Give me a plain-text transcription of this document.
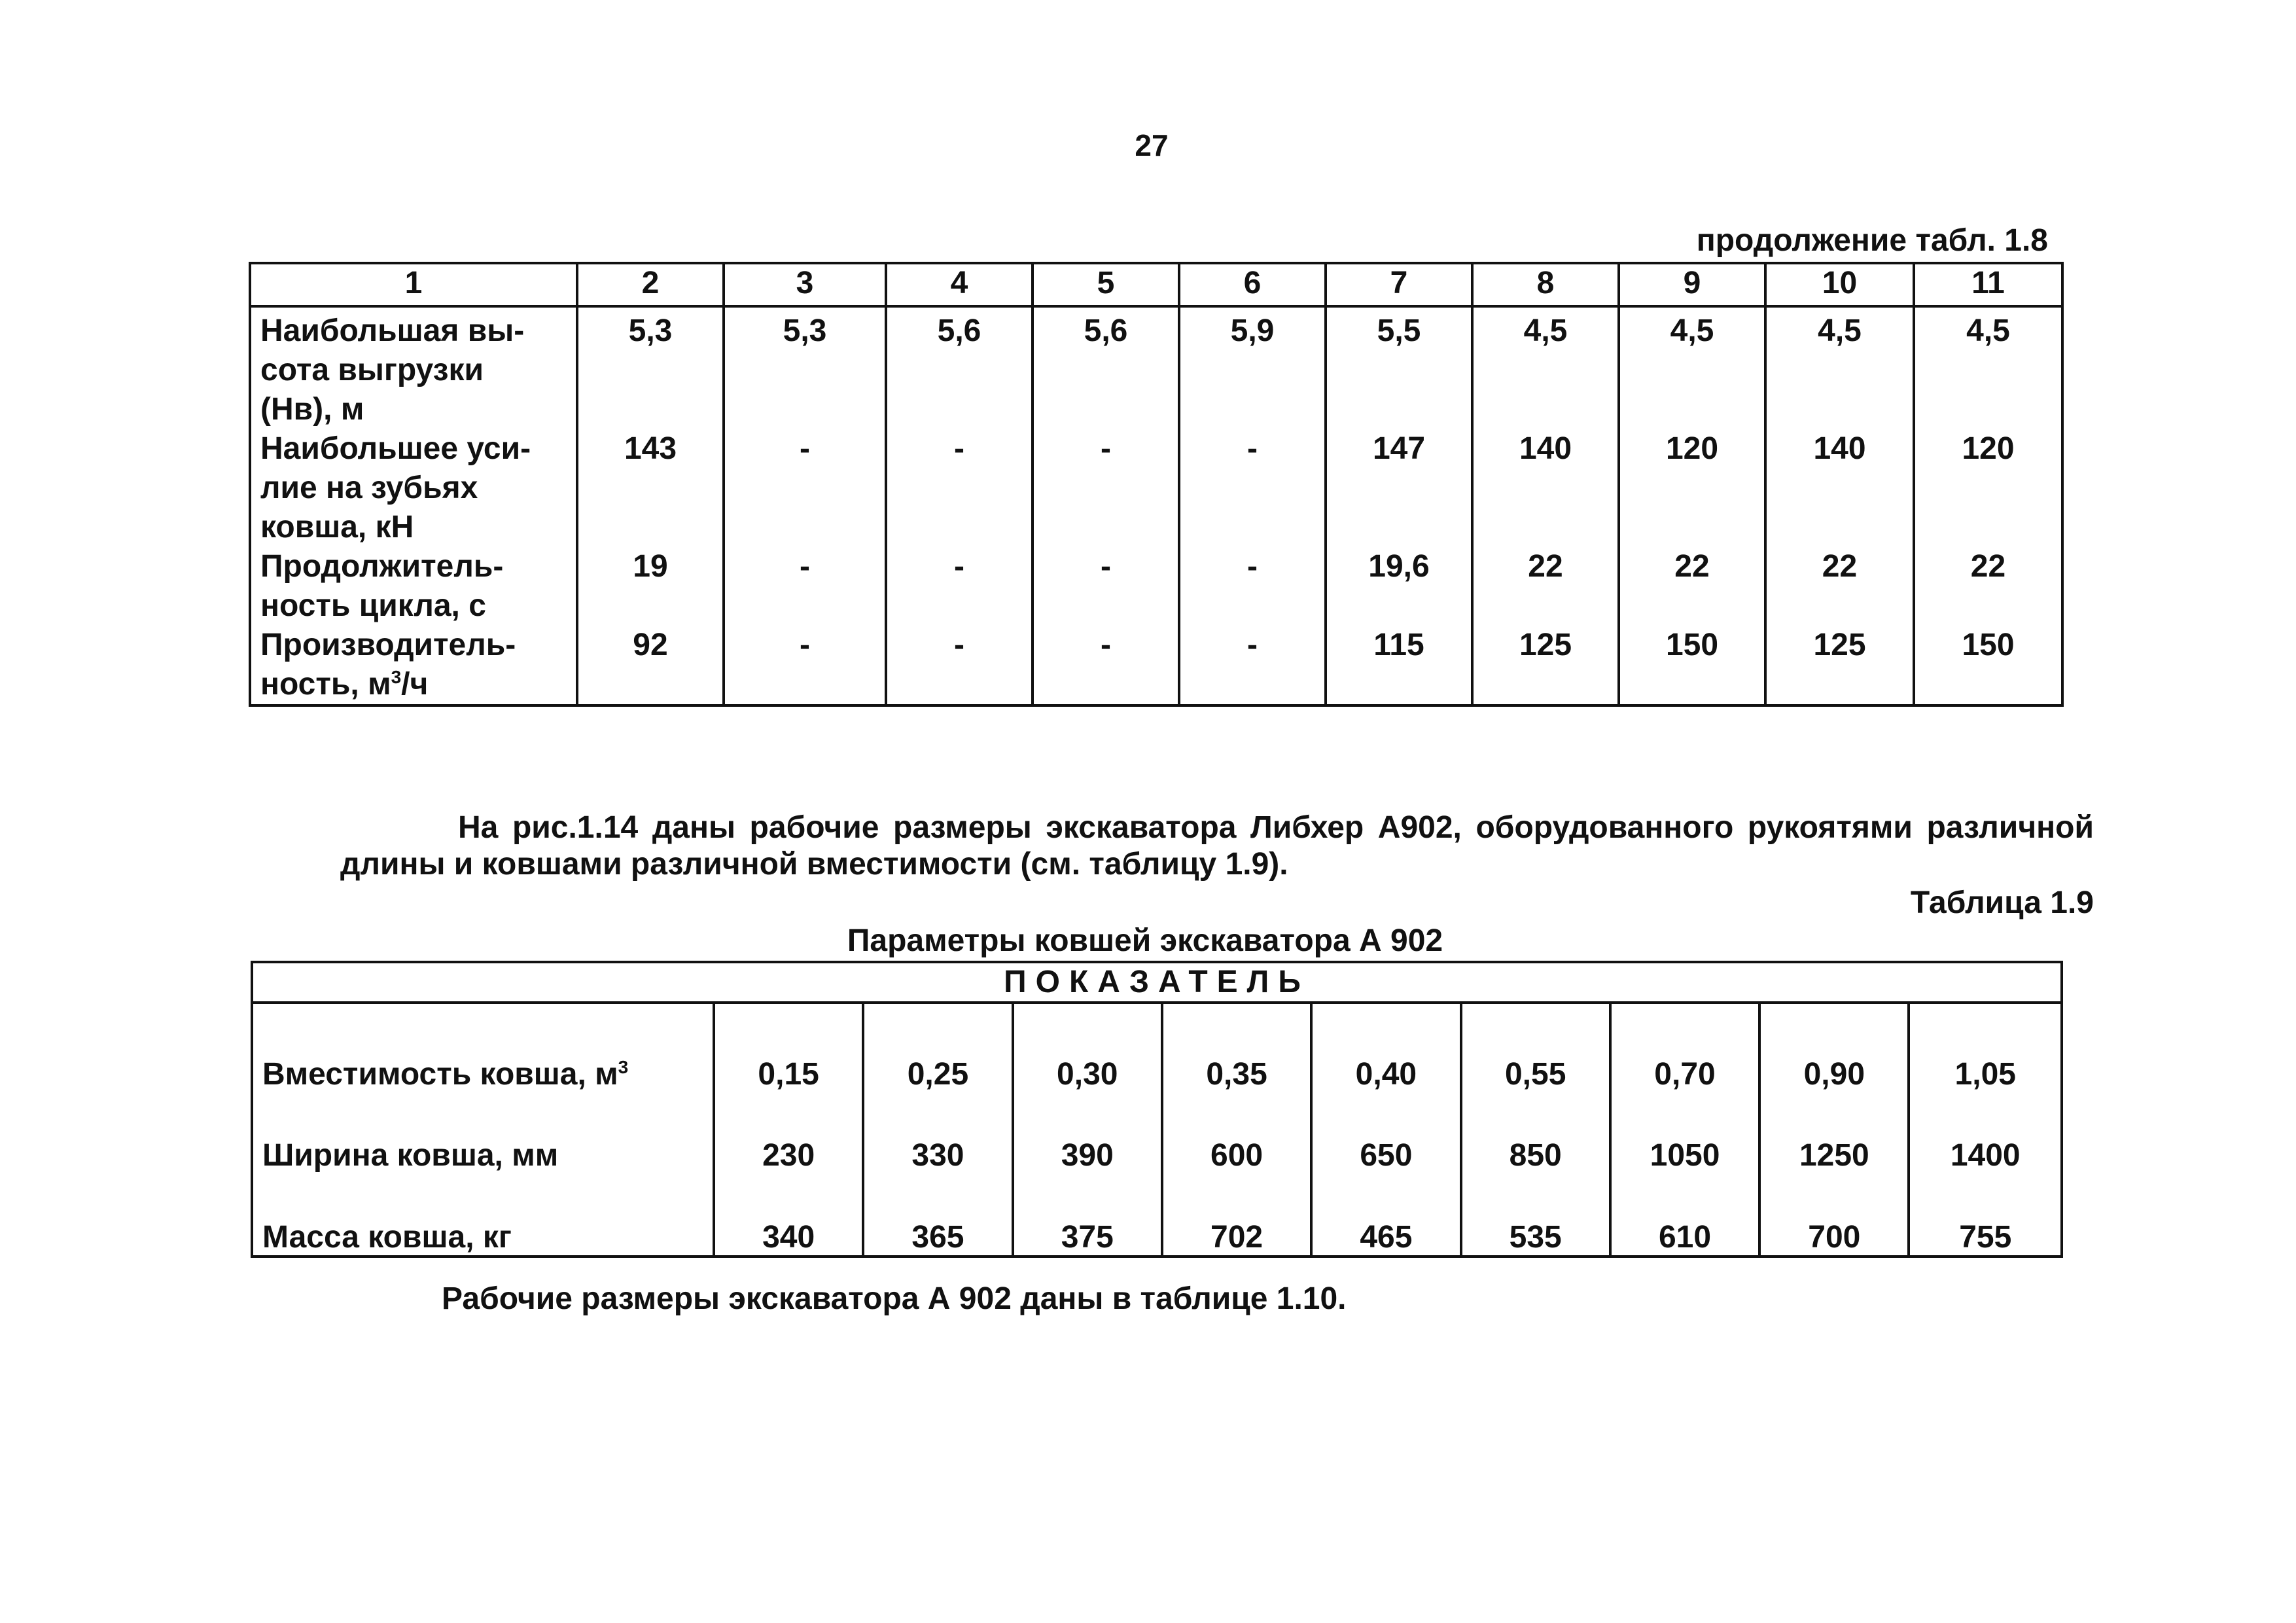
27
продолжение табл. 1.8
1	2	3	4	5	6	7	8	9	10	11
Наибольшая вы-
сота выгрузки
(Нв), м	5,3	5,3	5,6	5,6	5,9	5,5	4,5	4,5	4,5	4,5
Наибольшее уси-
лие на зубьях
ковша, кН	143	-	-	-	-	147	140	120	140	120
Продолжитель-
ность цикла, с	19	-	-	-	-	19,6	22	22	22	22
Производитель-
ность, $м^3/ч$	92	-	-	-	-	115	125	150	125	150
На рис.1.14 даны рабочие размеры экскаватора Либхер А902, оборудованного рукоятями различной длины и ковшами различной вместимости (см. таблицу 1.9).
Таблица 1.9
Параметры ковшей экскаватора А 902
ПОКАЗАТЕЛЬ									
Вместимость ковша, $м^3$	0,15	0,25	0,30	0,35	0,40	0,55	0,70	0,90	1,05
Ширина ковша, мм	230	330	390	600	650	850	1050	1250	1400
Масса ковша, кг	340	365	375	702	465	535	610	700	755
Рабочие размеры экскаватора А 902 даны в таблице 1.10.
